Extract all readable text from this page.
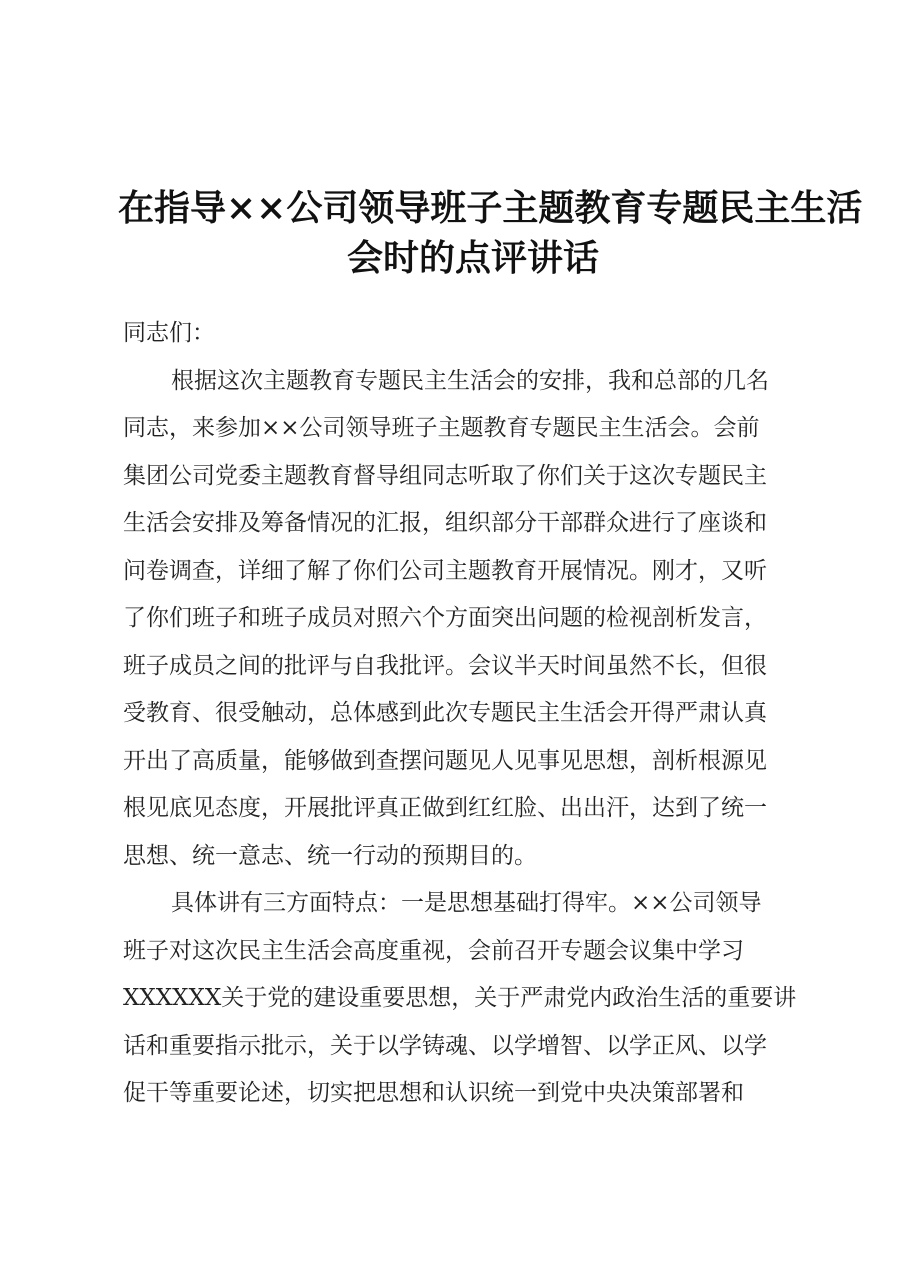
在指导××公司领导班子主题教育专题民主生活
会时的点评讲话
同志们：
根据这次主题教育专题民主生活会的安排，我和总部的几名
同志，来参加××公司领导班子主题教育专题民主生活会。会前
集团公司党委主题教育督导组同志听取了你们关于这次专题民主
生活会安排及筹备情况的汇报，组织部分干部群众进行了座谈和
问卷调查，详细了解了你们公司主题教育开展情况。刚才，又听
了你们班子和班子成员对照六个方面突出问题的检视剖析发言，
班子成员之间的批评与自我批评。会议半天时间虽然不长，但很
受教育、很受触动，总体感到此次专题民主生活会开得严肃认真
开出了高质量，能够做到查摆问题见人见事见思想，剖析根源见
根见底见态度，开展批评真正做到红红脸、出出汗，达到了统一
思想、统一意志、统一行动的预期目的。
具体讲有三方面特点：一是思想基础打得牢。××公司领导
班子对这次民主生活会高度重视，会前召开专题会议集中学习
XXXXXX关于党的建设重要思想，关于严肃党内政治生活的重要讲
话和重要指示批示，关于以学铸魂、以学增智、以学正风、以学
促干等重要论述，切实把思想和认识统一到党中央决策部署和
